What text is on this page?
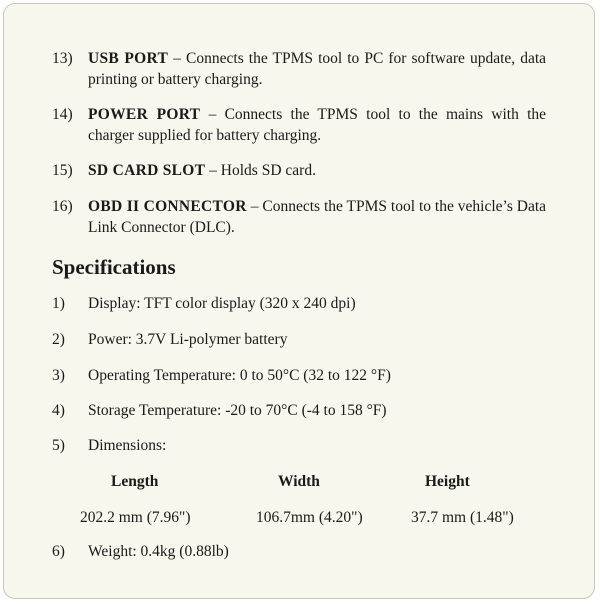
13) USB PORT – Connects the TPMS tool to PC for software update, data printing or battery charging.
14) POWER PORT – Connects the TPMS tool to the mains with the charger supplied for battery charging.
15) SD CARD SLOT – Holds SD card.
16) OBD II CONNECTOR – Connects the TPMS tool to the vehicle’s Data Link Connector (DLC).
Specifications
1) Display: TFT color display (320 x 240 dpi)
2) Power: 3.7V Li-polymer battery
3) Operating Temperature: 0 to 50°C (32 to 122 °F)
4) Storage Temperature: -20 to 70°C (-4 to 158 °F)
5) Dimensions:
Length	Width	Height
202.2 mm (7.96")	106.7mm (4.20")	37.7 mm (1.48")
6) Weight: 0.4kg (0.88lb)
